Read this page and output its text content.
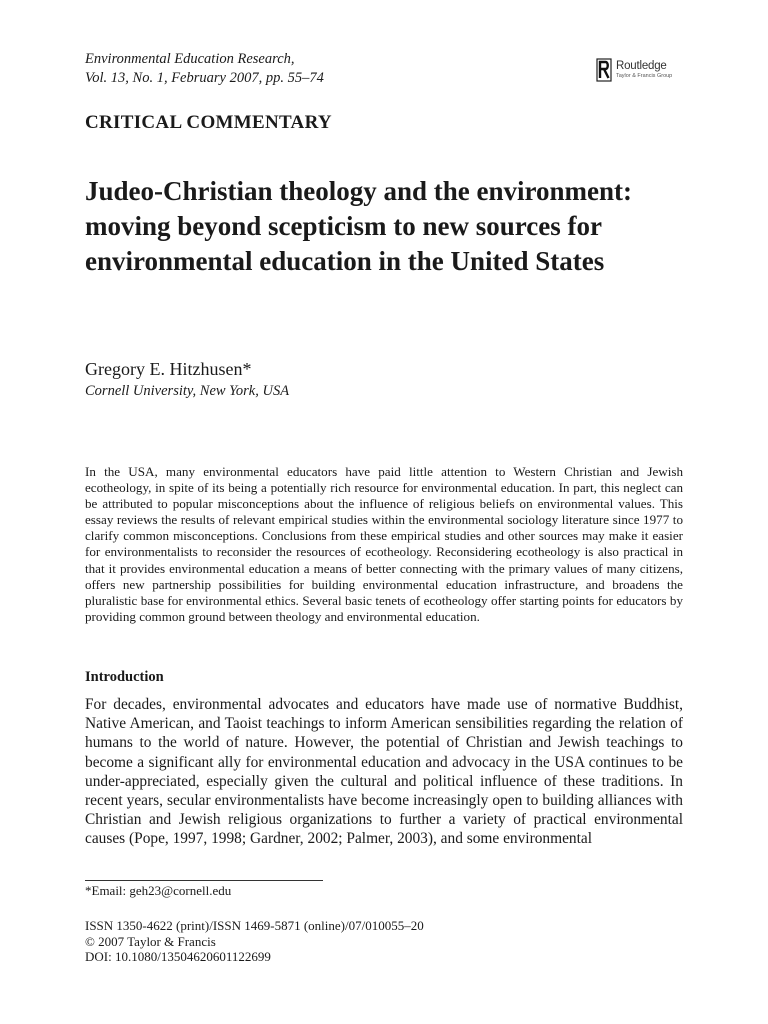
Environmental Education Research,
Vol. 13, No. 1, February 2007, pp. 55–74
Routledge
Taylor & Francis Group
CRITICAL COMMENTARY
Judeo-Christian theology and the environment: moving beyond scepticism to new sources for environmental education in the United States
Gregory E. Hitzhusen*
Cornell University, New York, USA

In the USA, many environmental educators have paid little attention to Western Christian and Jewish ecotheology, in spite of its being a potentially rich resource for environmental education. In part, this neglect can be attributed to popular misconceptions about the influence of religious beliefs on environmental values. This essay reviews the results of relevant empirical studies within the environmental sociology literature since 1977 to clarify common misconceptions. Conclusions from these empirical studies and other sources may make it easier for environmentalists to reconsider the resources of ecotheology. Reconsidering ecotheology is also practical in that it provides environmental education a means of better connecting with the primary values of many citizens, offers new partnership possibilities for building environmental education infrastructure, and broadens the pluralistic base for environmental ethics. Several basic tenets of ecotheology offer starting points for educators by providing common ground between theology and environmental education.

Introduction

For decades, environmental advocates and educators have made use of normative Buddhist, Native American, and Taoist teachings to inform American sensibilities regarding the relation of humans to the world of nature. However, the potential of Christian and Jewish teachings to become a significant ally for environmental education and advocacy in the USA continues to be under-appreciated, especially given the cultural and political influence of these traditions. In recent years, secular environmentalists have become increasingly open to building alliances with Christian and Jewish religious organizations to further a variety of practical environmental causes (Pope, 1997, 1998; Gardner, 2002; Palmer, 2003), and some environmental

*Email: geh23@cornell.edu
ISSN 1350-4622 (print)/ISSN 1469-5871 (online)/07/010055–20
© 2007 Taylor & Francis
DOI: 10.1080/13504620601122699
